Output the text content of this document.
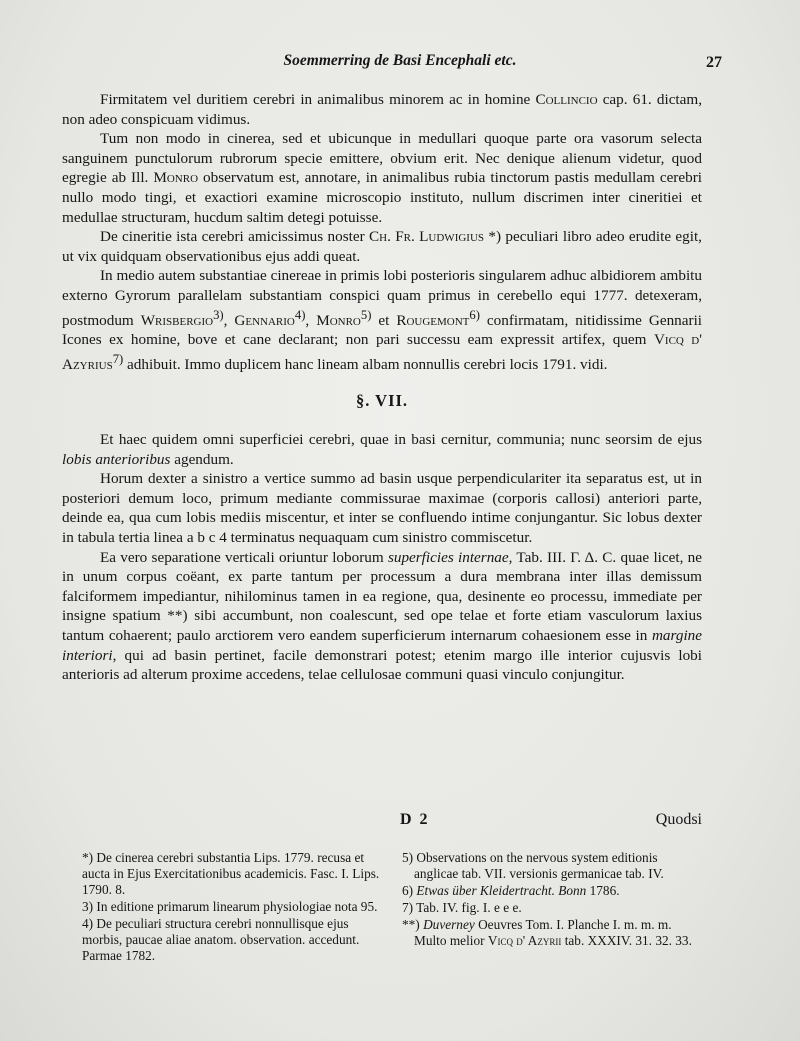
Soemmerring de Basi Encephali etc.	27

Firmitatem vel duritiem cerebri in animalibus minorem ac in homine Collincio cap. 61. dictam, non adeo conspicuam vidimus.

Tum non modo in cinerea, sed et ubicunque in medullari quoque parte ora vasorum selecta sanguinem punctulorum rubrorum specie emittere, obvium erit. Nec denique alienum videtur, quod egregie ab Ill. Monro observatum est, annotare, in animalibus rubia tinctorum pastis medullam cerebri nullo modo tingi, et exactiori examine microscopio instituto, nullum discrimen inter cineritiei et medullae structuram, hucdum saltim detegi potuisse.

De cineritie ista cerebri amicissimus noster Ch. Fr. Ludwigius *) peculiari libro adeo erudite egit, ut vix quidquam observationibus ejus addi queat.

In medio autem substantiae cinereae in primis lobi posterioris singularem adhuc albidiorem ambitu externo Gyrorum parallelam substantiam conspici quam primus in cerebello equi 1777. detexeram, postmodum Wrisbergio$^{3)}$, Gennario$^{4)}$, Monro$^{5)}$ et Rougemont$^{6)}$ confirmatam, nitidissime Gennarii Icones ex homine, bove et cane declarant; non pari successu eam expressit artifex, quem Vicq d' Azyrius$^{7)}$ adhibuit. Immo duplicem hanc lineam albam nonnullis cerebri locis 1791. vidi.

§. VII.

Et haec quidem omni superficiei cerebri, quae in basi cernitur, communia; nunc seorsim de ejus lobis anterioribus agendum.

Horum dexter a sinistro a vertice summo ad basin usque perpendiculariter ita separatus est, ut in posteriori demum loco, primum mediante commissurae maximae (corporis callosi) anteriori parte, deinde ea, qua cum lobis mediis miscentur, et inter se confluendo intime conjungantur. Sic lobus dexter in tabula tertia linea a b c 4 terminatus nequaquam cum sinistro commiscetur.

Ea vero separatione verticali oriuntur loborum superficies internae, Tab. III. Γ. Δ. C. quae licet, ne in unum corpus coëant, ex parte tantum per processum a dura membrana inter illas demissum falciformem impediantur, nihilominus tamen in ea regione, qua, desinente eo processu, immediate per insigne spatium **) sibi accumbunt, non coalescunt, sed ope telae et forte etiam vasculorum laxius tantum cohaerent; paulo arctiorem vero eandem superficierum internarum cohaesionem esse in margine interiori, qui ad basin pertinet, facile demonstrari potest; etenim margo ille interior cujusvis lobi anterioris ad alterum proxime accedens, telae cellulosae communi quasi vinculo conjungitur.

D 2	Quodsi

*) De cinerea cerebri substantia Lips. 1779. recusa et aucta in Ejus Exercitationibus academicis. Fasc. I. Lips. 1790. 8.

3) In editione primarum linearum physiologiae nota 95.

4) De peculiari structura cerebri nonnullisque ejus morbis, paucae aliae anatom. observation. accedunt. Parmae 1782.

5) Observations on the nervous system editionis anglicae tab. VII. versionis germanicae tab. IV.

6) Etwas über Kleidertracht. Bonn 1786.

7) Tab. IV. fig. I. e e e.

**) Duverney Oeuvres Tom. I. Planche I. m. m. m. Multo melior Vicq d' Azyrii tab. XXXIV. 31. 32. 33.
